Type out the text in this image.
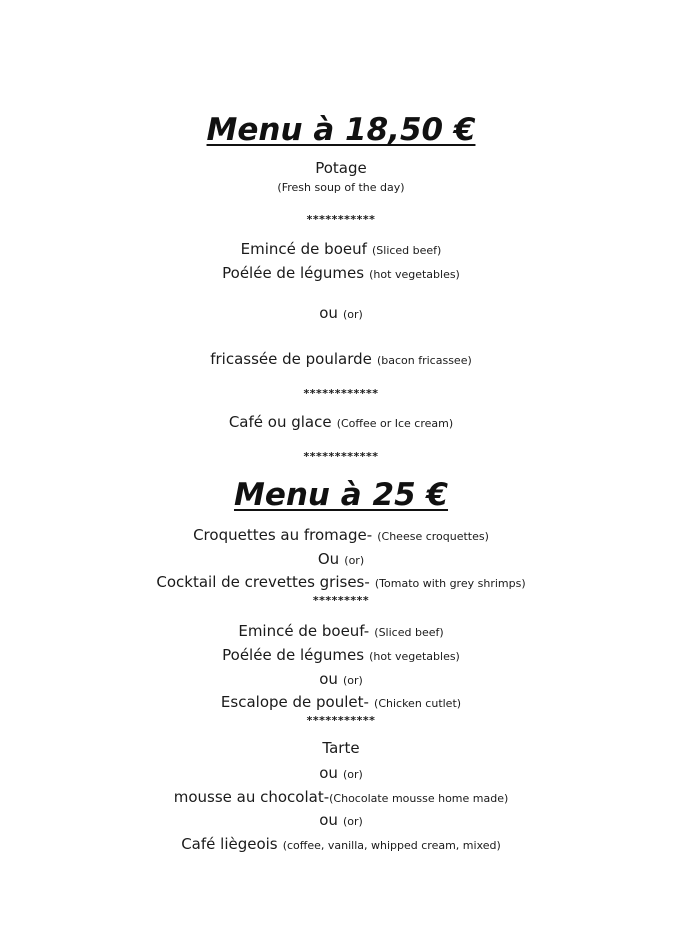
Menu à 18,50 €
Potage
(Fresh soup of the day)
***********
Emincé de boeuf (Sliced beef)
Poélée de légumes (hot vegetables)
ou (or)
fricassée de poularde (bacon fricassee)
************
Café ou glace (Coffee or Ice cream)
************
Menu à 25 €
Croquettes au fromage- (Cheese croquettes)
Ou (or)
Cocktail de crevettes grises- (Tomato with grey shrimps)
*********
Emincé de boeuf- (Sliced beef)
Poélée de légumes (hot vegetables)
ou (or)
Escalope de poulet- (Chicken cutlet)
***********
Tarte
ou (or)
mousse au chocolat-(Chocolate mousse home made)
ou (or)
Café liègeois (coffee, vanilla, whipped cream, mixed)
